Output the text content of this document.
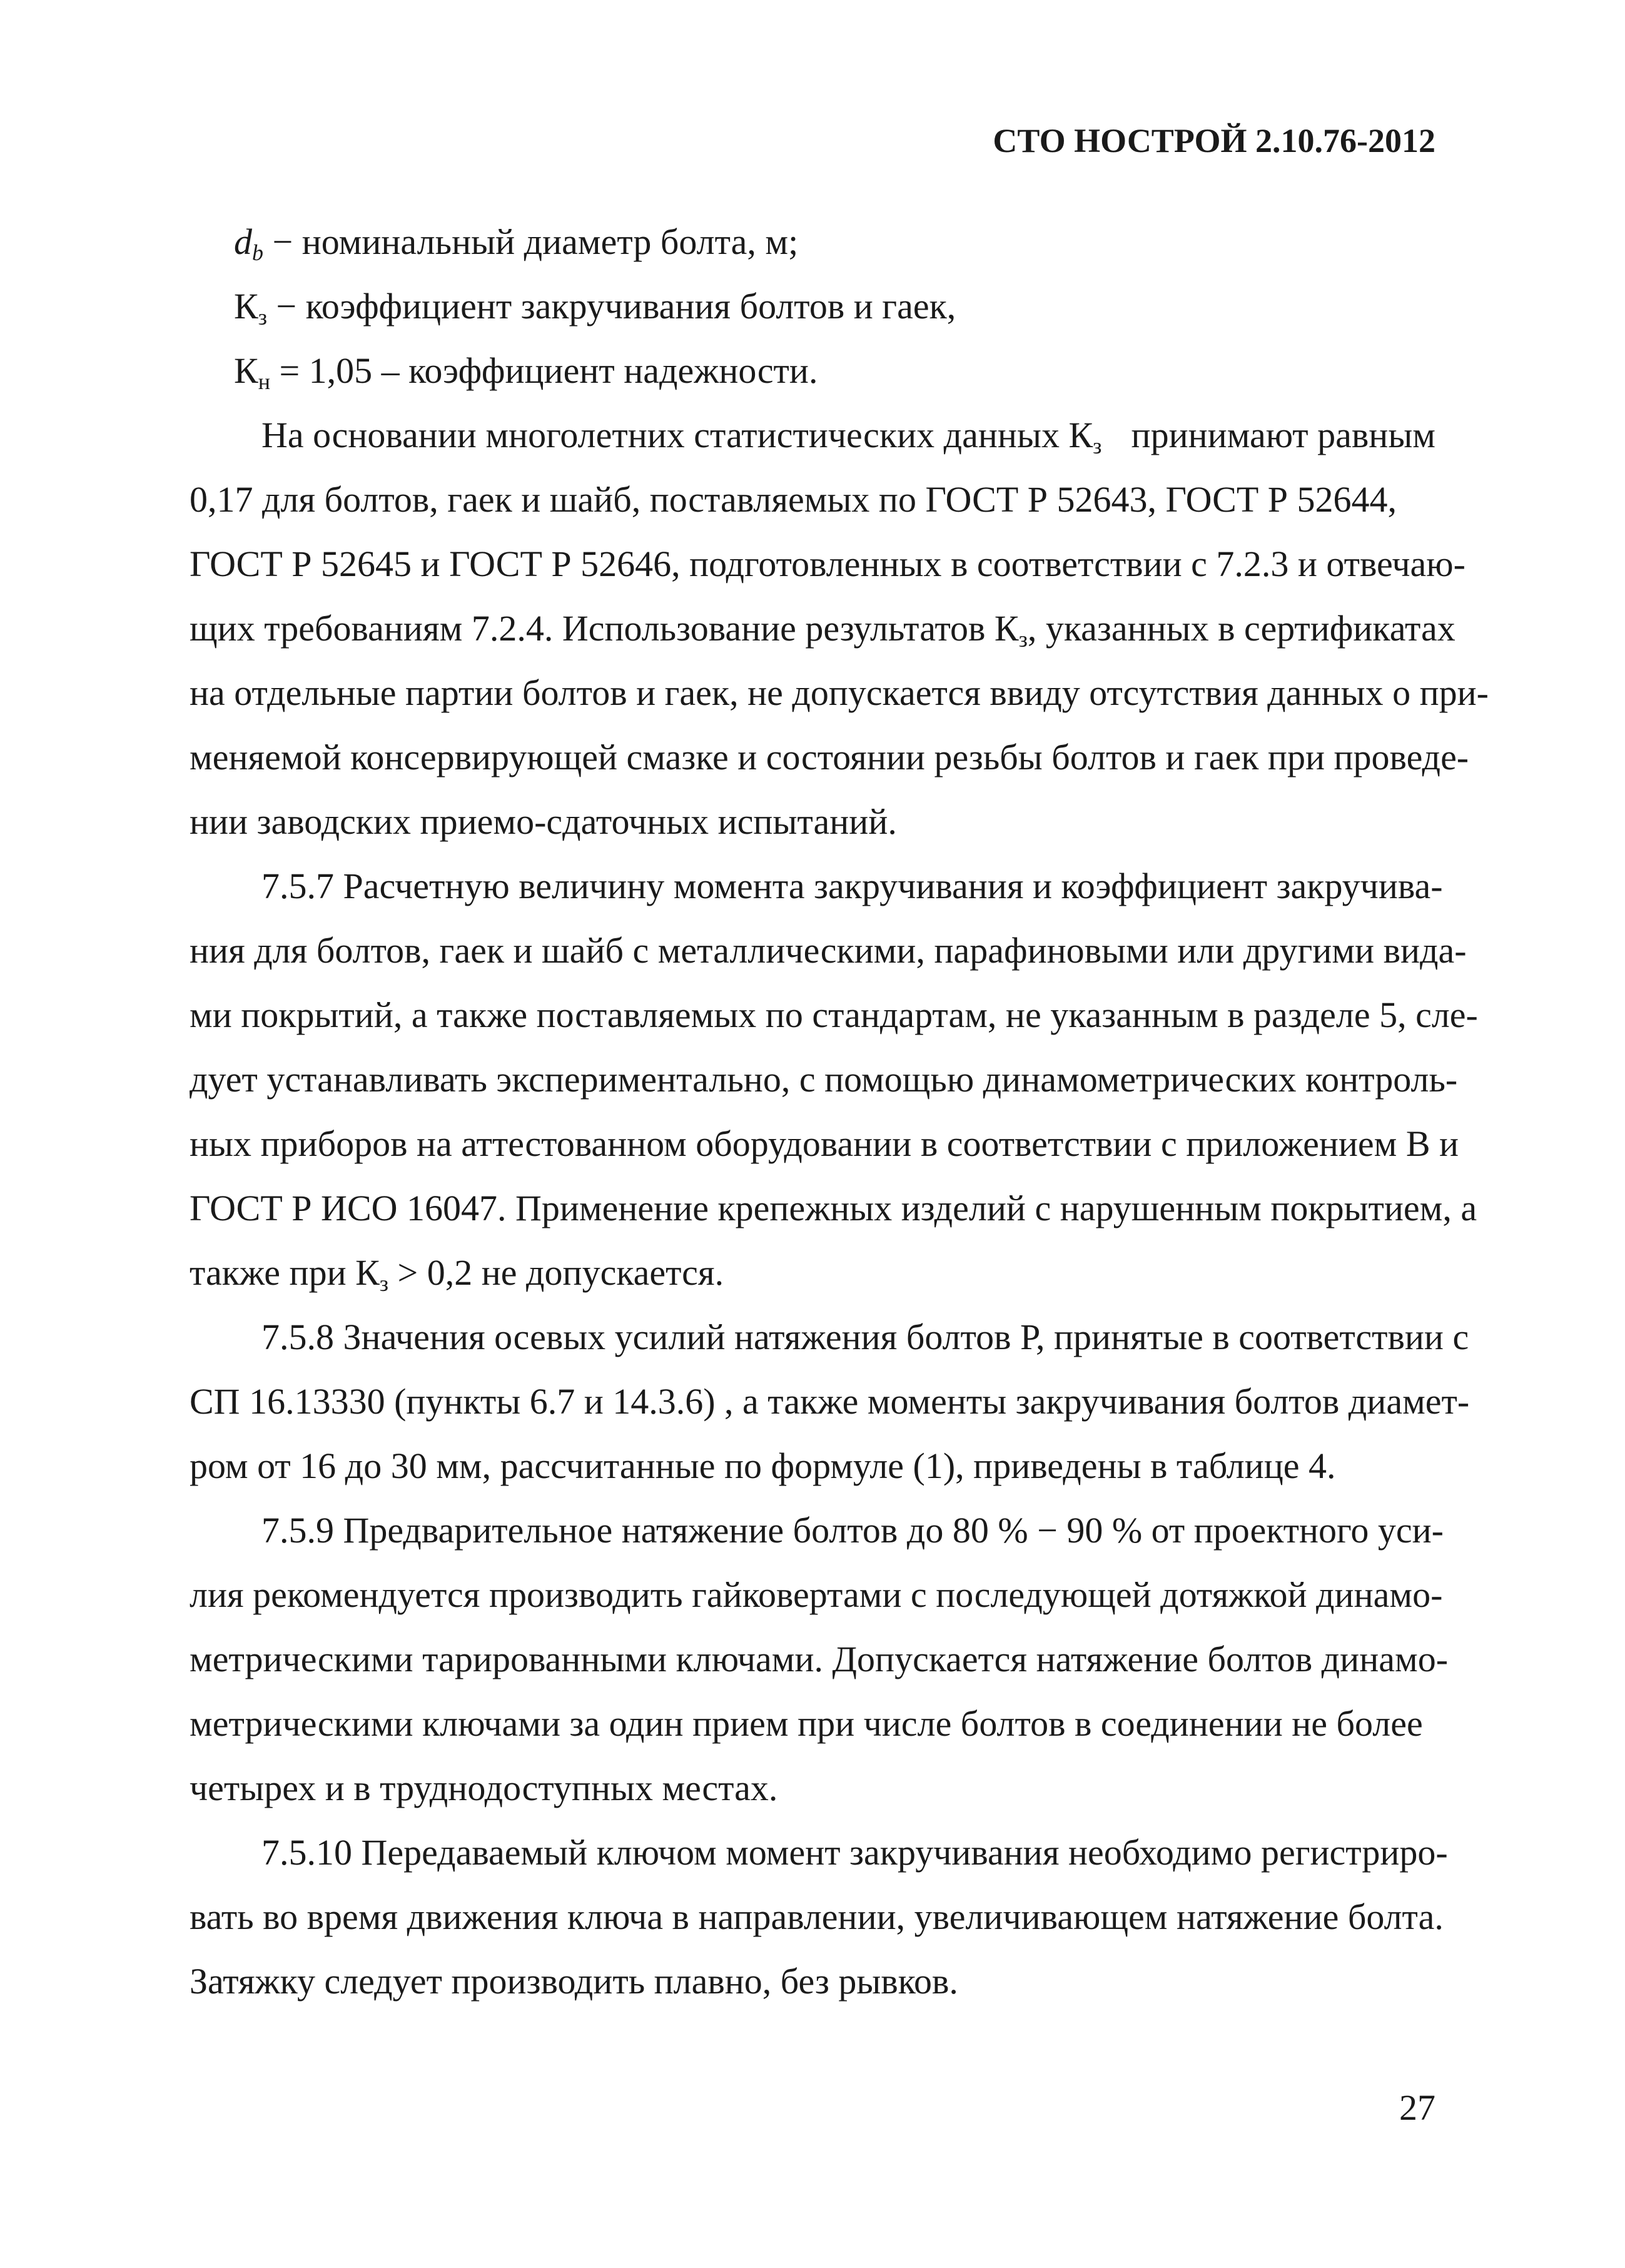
СТО НОСТРОЙ 2.10.76-2012
$d_b$ − номинальный диаметр болта, м;
$К_з$ − коэффициент закручивания болтов и гаек,
$К_н = 1,05$ – коэффициент надежности.
На основании многолетних статистических данных $К_з$ принимают равным
0,17 для болтов, гаек и шайб, поставляемых по ГОСТ Р 52643, ГОСТ Р 52644,
ГОСТ Р 52645 и ГОСТ Р 52646, подготовленных в соответствии с 7.2.3 и отвечаю-
щих требованиям 7.2.4. Использование результатов $К_з$ , указанных в сертификатах
на отдельные партии болтов и гаек, не допускается ввиду отсутствия данных о при-
меняемой консервирующей смазке и состоянии резьбы болтов и гаек при проведе-
нии заводских приемо-сдаточных испытаний.
7.5.7 Расчетную величину момента закручивания и коэффициент закручива-
ния для болтов, гаек и шайб с металлическими, парафиновыми или другими вида-
ми покрытий, а также поставляемых по стандартам, не указанным в разделе 5, сле-
дует устанавливать экспериментально, с помощью динамометрических контроль-
ных приборов на аттестованном оборудовании в соответствии с приложением В и
ГОСТ Р ИСО 16047. Применение крепежных изделий с нарушенным покрытием, а
также при $К_з > 0,2$ не допускается.
7.5.8 Значения осевых усилий натяжения болтов Р, принятые в соответствии с
СП 16.13330 (пункты 6.7 и 14.3.6) , а также моменты закручивания болтов диамет-
ром от 16 до 30 мм, рассчитанные по формуле (1), приведены в таблице 4.
7.5.9 Предварительное натяжение болтов до 80 % − 90 % от проектного уси-
лия рекомендуется производить гайковертами с последующей дотяжкой динамо-
метрическими тарированными ключами. Допускается натяжение болтов динамо-
метрическими ключами за один прием при числе болтов в соединении не более
четырех и в труднодоступных местах.
7.5.10 Передаваемый ключом момент закручивания необходимо регистриро-
вать во время движения ключа в направлении, увеличивающем натяжение болта.
Затяжку следует производить плавно, без рывков.
27
